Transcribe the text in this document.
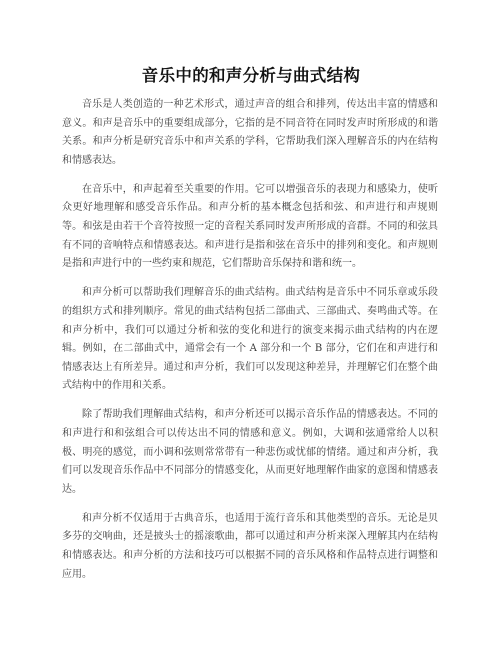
音乐中的和声分析与曲式结构

音乐是人类创造的一种艺术形式，通过声音的组合和排列，传达出丰富的情感和意义。和声是音乐中的重要组成部分，它指的是不同音符在同时发声时所形成的和谐关系。和声分析是研究音乐中和声关系的学科，它帮助我们深入理解音乐的内在结构和情感表达。

在音乐中，和声起着至关重要的作用。它可以增强音乐的表现力和感染力，使听众更好地理解和感受音乐作品。和声分析的基本概念包括和弦、和声进行和声规则等。和弦是由若干个音符按照一定的音程关系同时发声所形成的音群。不同的和弦具有不同的音响特点和情感表达。和声进行是指和弦在音乐中的排列和变化。和声规则是指和声进行中的一些约束和规范，它们帮助音乐保持和谐和统一。

和声分析可以帮助我们理解音乐的曲式结构。曲式结构是音乐中不同乐章或乐段的组织方式和排列顺序。常见的曲式结构包括二部曲式、三部曲式、奏鸣曲式等。在和声分析中，我们可以通过分析和弦的变化和进行的演变来揭示曲式结构的内在逻辑。例如，在二部曲式中，通常会有一个 A 部分和一个 B 部分，它们在和声进行和情感表达上有所差异。通过和声分析，我们可以发现这种差异，并理解它们在整个曲式结构中的作用和关系。

除了帮助我们理解曲式结构，和声分析还可以揭示音乐作品的情感表达。不同的和声进行和和弦组合可以传达出不同的情感和意义。例如，大调和弦通常给人以积极、明亮的感觉，而小调和弦则常常带有一种悲伤或忧郁的情绪。通过和声分析，我们可以发现音乐作品中不同部分的情感变化，从而更好地理解作曲家的意图和情感表达。

和声分析不仅适用于古典音乐，也适用于流行音乐和其他类型的音乐。无论是贝多芬的交响曲，还是披头士的摇滚歌曲，都可以通过和声分析来深入理解其内在结构和情感表达。和声分析的方法和技巧可以根据不同的音乐风格和作品特点进行调整和应用。
